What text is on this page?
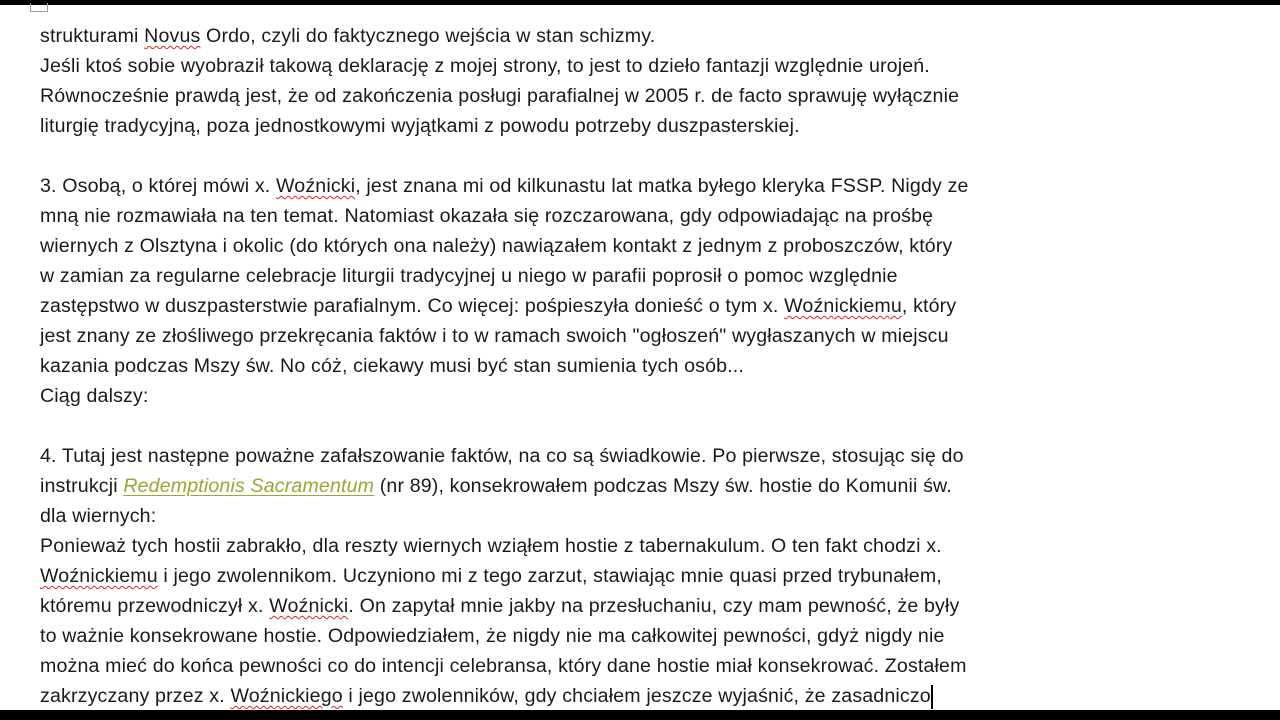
strukturami Novus Ordo, czyli do faktycznego wejścia w stan schizmy.
Jeśli ktoś sobie wyobraził takową deklarację z mojej strony, to jest to dzieło fantazji względnie urojeń.
Równocześnie prawdą jest, że od zakończenia posługi parafialnej w 2005 r. de facto sprawuję wyłącznie
liturgię tradycyjną, poza jednostkowymi wyjątkami z powodu potrzeby duszpasterskiej.
3. Osobą, o której mówi x. Woźnicki, jest znana mi od kilkunastu lat matka byłego kleryka FSSP. Nigdy ze
mną nie rozmawiała na ten temat. Natomiast okazała się rozczarowana, gdy odpowiadając na prośbę
wiernych z Olsztyna i okolic (do których ona należy) nawiązałem kontakt z jednym z proboszczów, który
w zamian za regularne celebracje liturgii tradycyjnej u niego w parafii poprosił o pomoc względnie
zastępstwo w duszpasterstwie parafialnym. Co więcej: pośpieszyła donieść o tym x. Woźnickiemu, który
jest znany ze złośliwego przekręcania faktów i to w ramach swoich "ogłoszeń" wygłaszanych w miejscu
kazania podczas Mszy św. No cóż, ciekawy musi być stan sumienia tych osób...
Ciąg dalszy:
4. Tutaj jest następne poważne zafałszowanie faktów, na co są świadkowie. Po pierwsze, stosując się do
instrukcji Redemptionis Sacramentum (nr 89), konsekrowałem podczas Mszy św. hostie do Komunii św.
dla wiernych:
Ponieważ tych hostii zabrakło, dla reszty wiernych wziąłem hostie z tabernakulum. O ten fakt chodzi x.
Woźnickiemu i jego zwolennikom. Uczyniono mi z tego zarzut, stawiając mnie quasi przed trybunałem,
któremu przewodniczył x. Woźnicki. On zapytał mnie jakby na przesłuchaniu, czy mam pewność, że były
to ważnie konsekrowane hostie. Odpowiedziałem, że nigdy nie ma całkowitej pewności, gdyż nigdy nie
można mieć do końca pewności co do intencji celebransa, który dane hostie miał konsekrować. Zostałem
zakrzyczany przez x. Woźnickiego i jego zwolenników, gdy chciałem jeszcze wyjaśnić, że zasadniczo
